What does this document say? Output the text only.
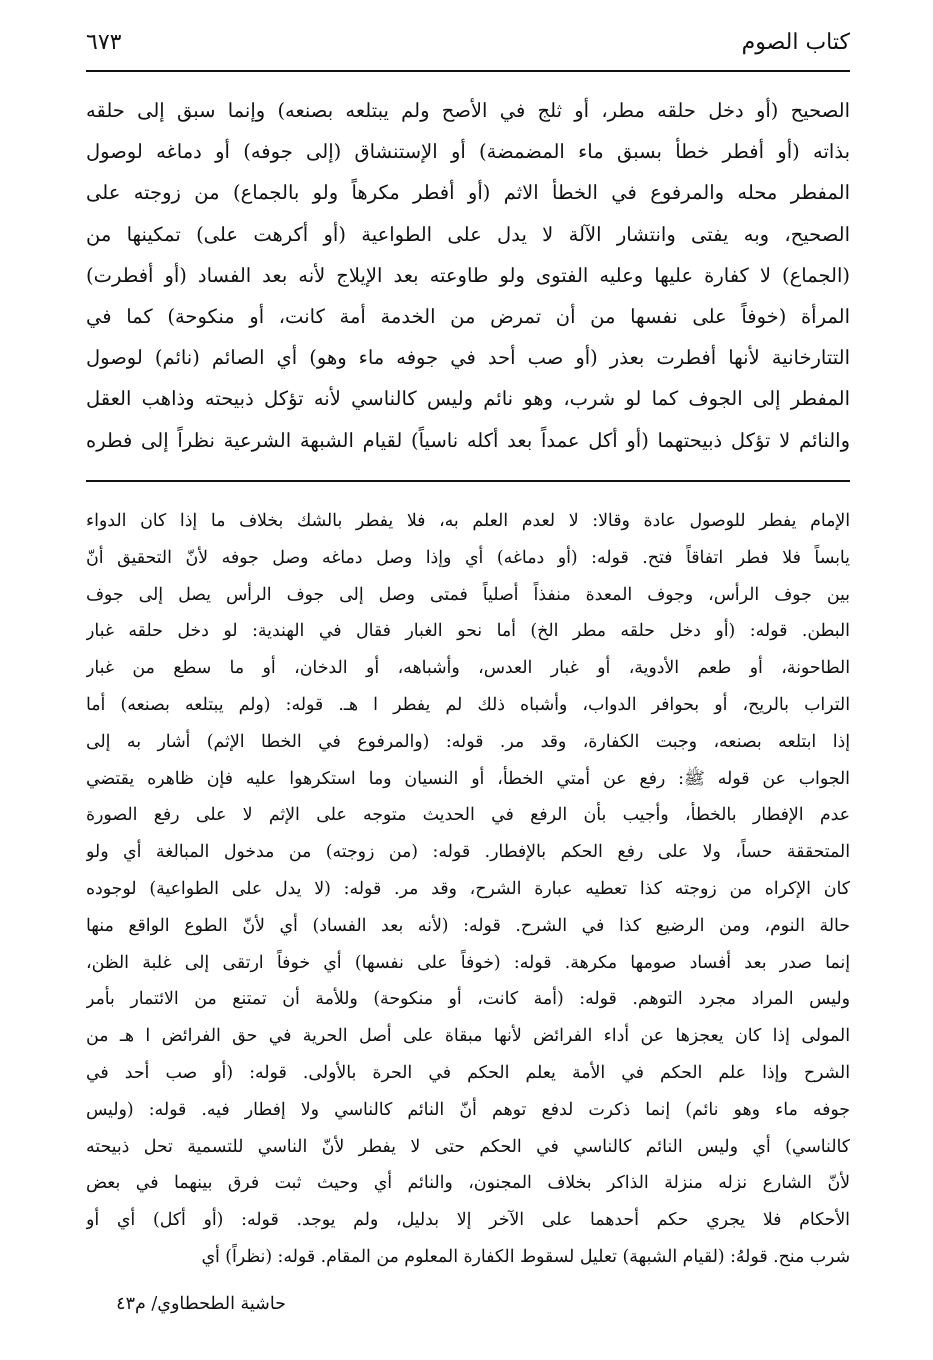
كتاب الصوم
٦٧٣
الصحيح (أو دخل حلقه مطر، أو ثلج في الأصح ولم يبتلعه بصنعه) وإنما سبق إلى حلقه
بذاته (أو أفطر خطأ بسبق ماء المضمضة) أو الإستنشاق (إلى جوفه) أو دماغه لوصول
المفطر محله والمرفوع في الخطأ الاثم (أو أفطر مكرهاً ولو بالجماع) من زوجته على
الصحيح، وبه يفتى وانتشار الآلة لا يدل على الطواعية (أو أكرهت على) تمكينها من
(الجماع) لا كفارة عليها وعليه الفتوى ولو طاوعته بعد الإيلاج لأنه بعد الفساد (أو أفطرت)
المرأة (خوفاً على نفسها من أن تمرض من الخدمة أمة كانت، أو منكوحة) كما في
التتارخانية لأنها أفطرت بعذر (أو صب أحد في جوفه ماء وهو) أي الصائم (نائم) لوصول
المفطر إلى الجوف كما لو شرب، وهو نائم وليس كالناسي لأنه تؤكل ذبيحته وذاهب العقل
والنائم لا تؤكل ذبيحتهما (أو أكل عمداً بعد أكله ناسياً) لقيام الشبهة الشرعية نظراً إلى فطره
الإمام يفطر للوصول عادة وقالا: لا لعدم العلم به، فلا يفطر بالشك بخلاف ما إذا كان الدواء
يابساً فلا فطر اتفاقاً فتح. قوله: (أو دماغه) أي وإذا وصل دماغه وصل جوفه لأنّ التحقيق أنّ
بين جوف الرأس، وجوف المعدة منفذاً أصلياً فمتى وصل إلى جوف الرأس يصل إلى جوف
البطن. قوله: (أو دخل حلقه مطر الخ) أما نحو الغبار فقال في الهندية: لو دخل حلقه غبار
الطاحونة، أو طعم الأدوية، أو غبار العدس، وأشباهه، أو الدخان، أو ما سطع من غبار
التراب بالريح، أو بحوافر الدواب، وأشباه ذلك لم يفطر ا هـ. قوله: (ولم يبتلعه بصنعه) أما
إذا ابتلعه بصنعه، وجبت الكفارة، وقد مر. قوله: (والمرفوع في الخطا الإثم) أشار به إلى
الجواب عن قوله ﷺ: رفع عن أمتي الخطأ، أو النسيان وما استكرهوا عليه فإن ظاهره يقتضي
عدم الإفطار بالخطأ، وأجيب بأن الرفع في الحديث متوجه على الإثم لا على رفع الصورة
المتحققة حساً، ولا على رفع الحكم بالإفطار. قوله: (من زوجته) من مدخول المبالغة أي ولو
كان الإكراه من زوجته كذا تعطيه عبارة الشرح، وقد مر. قوله: (لا يدل على الطواعية) لوجوده
حالة النوم، ومن الرضيع كذا في الشرح. قوله: (لأنه بعد الفساد) أي لأنّ الطوع الواقع منها
إنما صدر بعد أفساد صومها مكرهة. قوله: (خوفاً على نفسها) أي خوفاً ارتقى إلى غلبة الظن،
وليس المراد مجرد التوهم. قوله: (أمة كانت، أو منكوحة) وللأمة أن تمتنع من الائتمار بأمر
المولى إذا كان يعجزها عن أداء الفرائض لأنها مبقاة على أصل الحرية في حق الفرائض ا هـ من
الشرح وإذا علم الحكم في الأمة يعلم الحكم في الحرة بالأولى. قوله: (أو صب أحد في
جوفه ماء وهو نائم) إنما ذكرت لدفع توهم أنّ النائم كالناسي ولا إفطار فيه. قوله: (وليس
كالناسي) أي وليس النائم كالناسي في الحكم حتى لا يفطر لأنّ الناسي للتسمية تحل ذبيحته
لأنّ الشارع نزله منزلة الذاكر بخلاف المجنون، والنائم أي وحيث ثبت فرق بينهما في بعض
الأحكام فلا يجري حكم أحدهما على الآخر إلا بدليل، ولم يوجد. قوله: (أو أكل) أي أو
شرب منح. قولهُ: (لقيام الشبهة) تعليل لسقوط الكفارة المعلوم من المقام. قوله: (نظراً) أي
حاشية الطحطاوي/ م٤٣
